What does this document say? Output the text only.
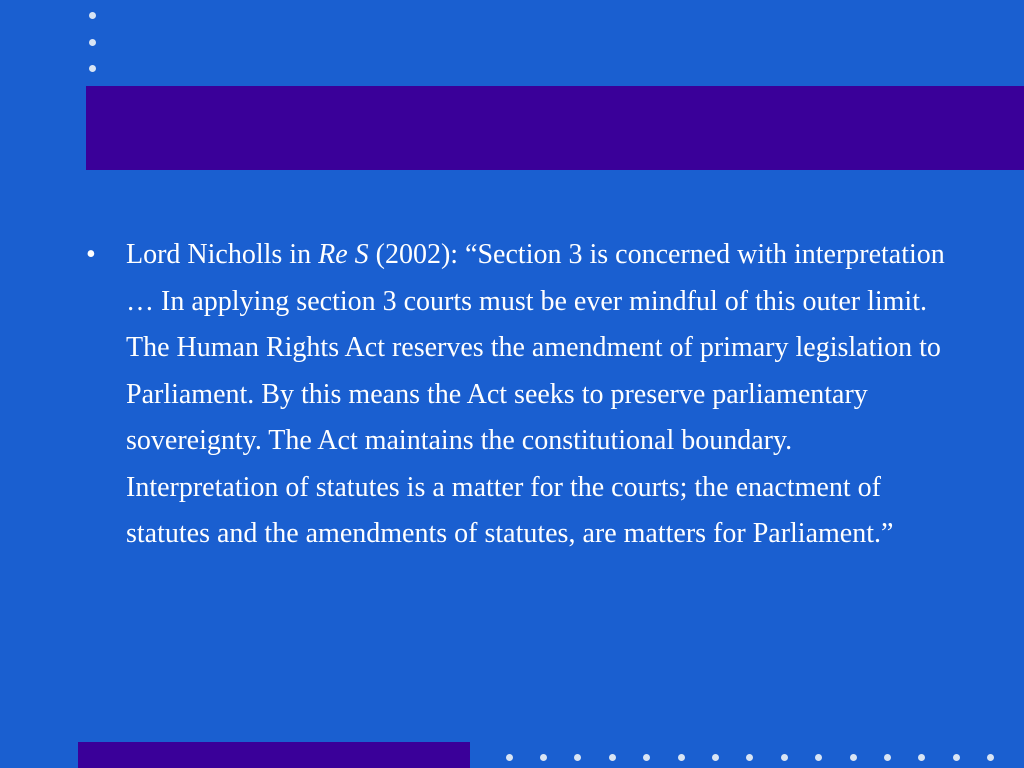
• Lord Nicholls in Re S (2002): “Section 3 is concerned with interpretation … In applying section 3 courts must be ever mindful of this outer limit. The Human Rights Act reserves the amendment of primary legislation to Parliament. By this means the Act seeks to preserve parliamentary sovereignty. The Act maintains the constitutional boundary. Interpretation of statutes is a matter for the courts; the enactment of statutes and the amendments of statutes, are matters for Parliament.”
